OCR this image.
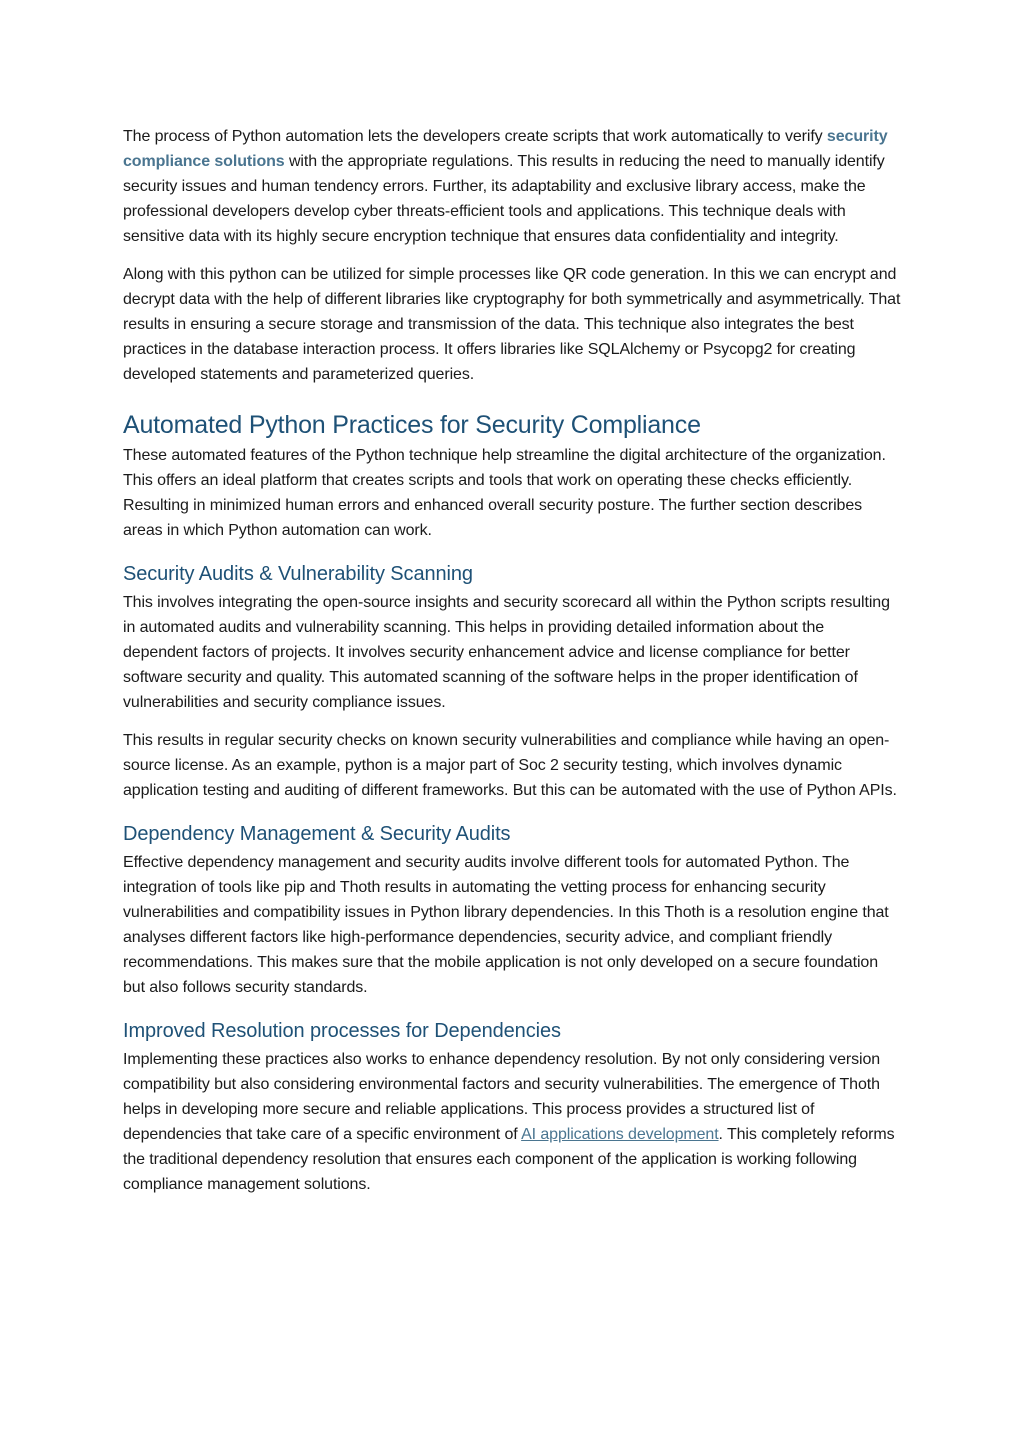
The process of Python automation lets the developers create scripts that work automatically to verify security compliance solutions with the appropriate regulations. This results in reducing the need to manually identify security issues and human tendency errors. Further, its adaptability and exclusive library access, make the professional developers develop cyber threats-efficient tools and applications. This technique deals with sensitive data with its highly secure encryption technique that ensures data confidentiality and integrity.

Along with this python can be utilized for simple processes like QR code generation. In this we can encrypt and decrypt data with the help of different libraries like cryptography for both symmetrically and asymmetrically. That results in ensuring a secure storage and transmission of the data. This technique also integrates the best practices in the database interaction process. It offers libraries like SQLAlchemy or Psycopg2 for creating developed statements and parameterized queries.

Automated Python Practices for Security Compliance

These automated features of the Python technique help streamline the digital architecture of the organization. This offers an ideal platform that creates scripts and tools that work on operating these checks efficiently. Resulting in minimized human errors and enhanced overall security posture. The further section describes areas in which Python automation can work.

Security Audits & Vulnerability Scanning

This involves integrating the open-source insights and security scorecard all within the Python scripts resulting in automated audits and vulnerability scanning. This helps in providing detailed information about the dependent factors of projects. It involves security enhancement advice and license compliance for better software security and quality. This automated scanning of the software helps in the proper identification of vulnerabilities and security compliance issues.

This results in regular security checks on known security vulnerabilities and compliance while having an open-source license. As an example, python is a major part of Soc 2 security testing, which involves dynamic application testing and auditing of different frameworks. But this can be automated with the use of Python APIs.

Dependency Management & Security Audits

Effective dependency management and security audits involve different tools for automated Python. The integration of tools like pip and Thoth results in automating the vetting process for enhancing security vulnerabilities and compatibility issues in Python library dependencies. In this Thoth is a resolution engine that analyses different factors like high-performance dependencies, security advice, and compliant friendly recommendations. This makes sure that the mobile application is not only developed on a secure foundation but also follows security standards.

Improved Resolution processes for Dependencies

Implementing these practices also works to enhance dependency resolution. By not only considering version compatibility but also considering environmental factors and security vulnerabilities. The emergence of Thoth helps in developing more secure and reliable applications. This process provides a structured list of dependencies that take care of a specific environment of AI applications development. This completely reforms the traditional dependency resolution that ensures each component of the application is working following compliance management solutions.
